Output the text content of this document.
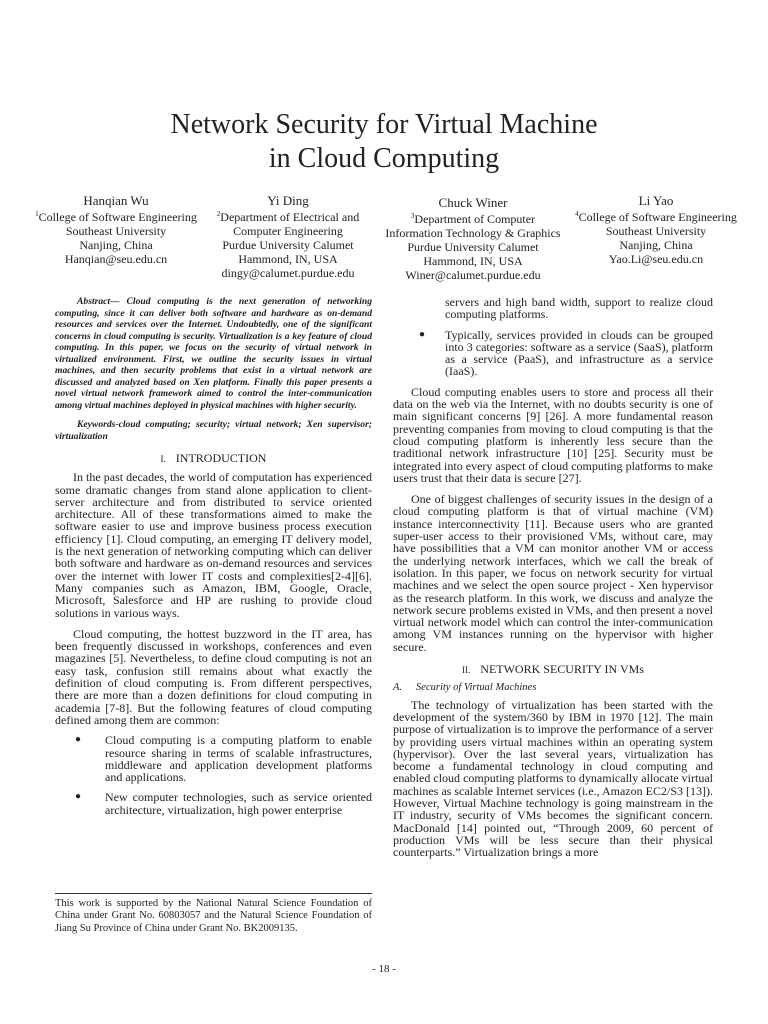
Network Security for Virtual Machine
in Cloud Computing
Hanqian Wu
$^1$College of Software Engineering
Southeast University
Nanjing, China
Hanqian@seu.edu.cn
Yi Ding
$^2$Department of Electrical and
Computer Engineering
Purdue University Calumet
Hammond, IN, USA
dingy@calumet.purdue.edu
Chuck Winer
$^3$Department of Computer
Information Technology & Graphics
Purdue University Calumet
Hammond, IN, USA
Winer@calumet.purdue.edu
Li Yao
$^4$College of Software Engineering
Southeast University
Nanjing, China
Yao.Li@seu.edu.cn

Abstract— Cloud computing is the next generation of networking computing, since it can deliver both software and hardware as on-demand resources and services over the Internet. Undoubtedly, one of the significant concerns in cloud computing is security. Virtualization is a key feature of cloud computing. In this paper, we focus on the security of virtual network in virtualized environment. First, we outline the security issues in virtual machines, and then security problems that exist in a virtual network are discussed and analyzed based on Xen platform. Finally this paper presents a novel virtual network framework aimed to control the inter-communication among virtual machines deployed in physical machines with higher security.

Keywords-cloud computing; security; virtual network; Xen supervisor; virtualization

I. INTRODUCTION

In the past decades, the world of computation has experienced some dramatic changes from stand alone application to client-server architecture and from distributed to service oriented architecture. All of these transformations aimed to make the software easier to use and improve business process execution efficiency [1]. Cloud computing, an emerging IT delivery model, is the next generation of networking computing which can deliver both software and hardware as on-demand resources and services over the internet with lower IT costs and complexities[2-4][6]. Many companies such as Amazon, IBM, Google, Oracle, Microsoft, Salesforce and HP are rushing to provide cloud solutions in various ways.

Cloud computing, the hottest buzzword in the IT area, has been frequently discussed in workshops, conferences and even magazines [5]. Nevertheless, to define cloud computing is not an easy task, confusion still remains about what exactly the definition of cloud computing is. From different perspectives, there are more than a dozen definitions for cloud computing in academia [7-8]. But the following features of cloud computing defined among them are common:

● Cloud computing is a computing platform to enable resource sharing in terms of scalable infrastructures, middleware and application development platforms and applications.
● New computer technologies, such as service oriented architecture, virtualization, high power enterprise

This work is supported by the National Natural Science Foundation of China under Grant No. 60803057 and the Natural Science Foundation of Jiang Su Province of China under Grant No. BK2009135.

servers and high band width, support to realize cloud computing platforms.

● Typically, services provided in clouds can be grouped into 3 categories: software as a service (SaaS), platform as a service (PaaS), and infrastructure as a service (IaaS).

Cloud computing enables users to store and process all their data on the web via the Internet, with no doubts security is one of main significant concerns [9] [26]. A more fundamental reason preventing companies from moving to cloud computing is that the cloud computing platform is inherently less secure than the traditional network infrastructure [10] [25]. Security must be integrated into every aspect of cloud computing platforms to make users trust that their data is secure [27].

One of biggest challenges of security issues in the design of a cloud computing platform is that of virtual machine (VM) instance interconnectivity [11]. Because users who are granted super-user access to their provisioned VMs, without care, may have possibilities that a VM can monitor another VM or access the underlying network interfaces, which we call the break of isolation. In this paper, we focus on network security for virtual machines and we select the open source project - Xen hypervisor as the research platform. In this work, we discuss and analyze the network secure problems existed in VMs, and then present a novel virtual network model which can control the inter-communication among VM instances running on the hypervisor with higher secure.

II. NETWORK SECURITY IN VMs
A. Security of Virtual Machines

The technology of virtualization has been started with the development of the system/360 by IBM in 1970 [12]. The main purpose of virtualization is to improve the performance of a server by providing users virtual machines within an operating system (hypervisor). Over the last several years, virtualization has become a fundamental technology in cloud computing and enabled cloud computing platforms to dynamically allocate virtual machines as scalable Internet services (i.e., Amazon EC2/S3 [13]). However, Virtual Machine technology is going mainstream in the IT industry, security of VMs becomes the significant concern. MacDonald [14] pointed out, “Through 2009, 60 percent of production VMs will be less secure than their physical counterparts.” Virtualization brings a more

- 18 -
